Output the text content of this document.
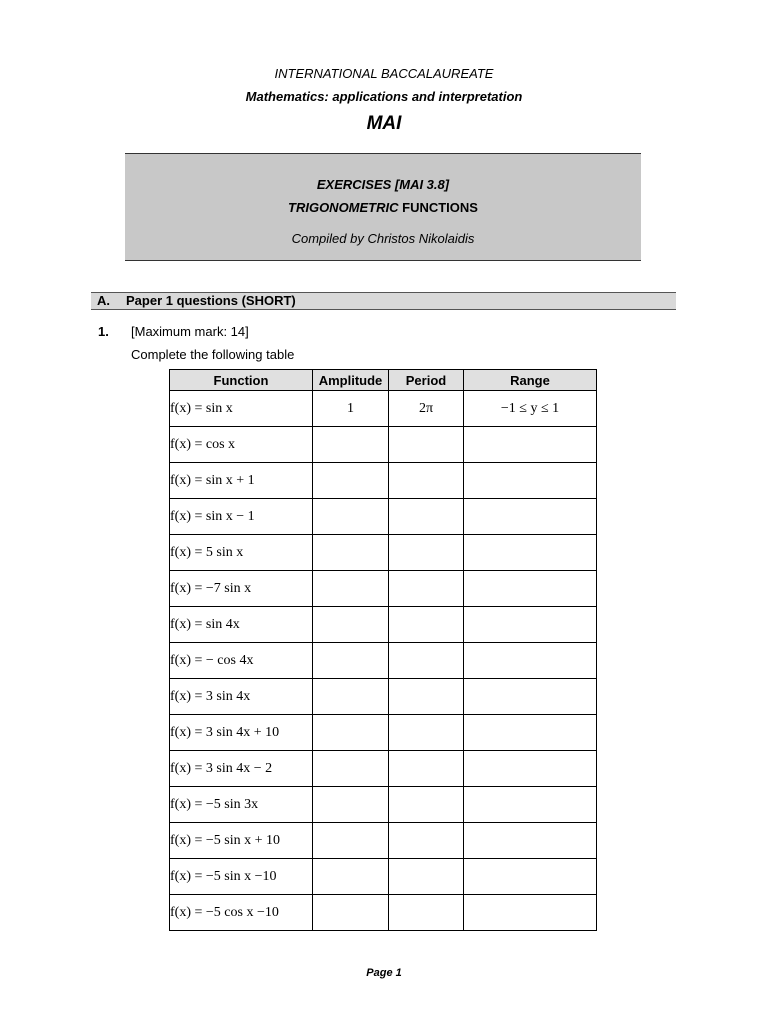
INTERNATIONAL BACCALAUREATE
Mathematics: applications and interpretation
MAI
EXERCISES [MAI 3.8]
TRIGONOMETRIC FUNCTIONS
Compiled by Christos Nikolaidis
A. Paper 1 questions (SHORT)
1. [Maximum mark: 14]
Complete the following table
Function	Amplitude	Period	Range
f(x) = sin x	1	2π	−1 ≤ y ≤ 1
f(x) = cos x			
f(x) = sin x + 1			
f(x) = sin x − 1			
f(x) = 5 sin x			
f(x) = −7 sin x			
f(x) = sin 4x			
f(x) = − cos 4x			
f(x) = 3 sin 4x			
f(x) = 3 sin 4x + 10			
f(x) = 3 sin 4x − 2			
f(x) = −5 sin 3x			
f(x) = −5 sin x + 10			
f(x) = −5 sin x −10			
f(x) = −5 cos x −10			
Page 1
